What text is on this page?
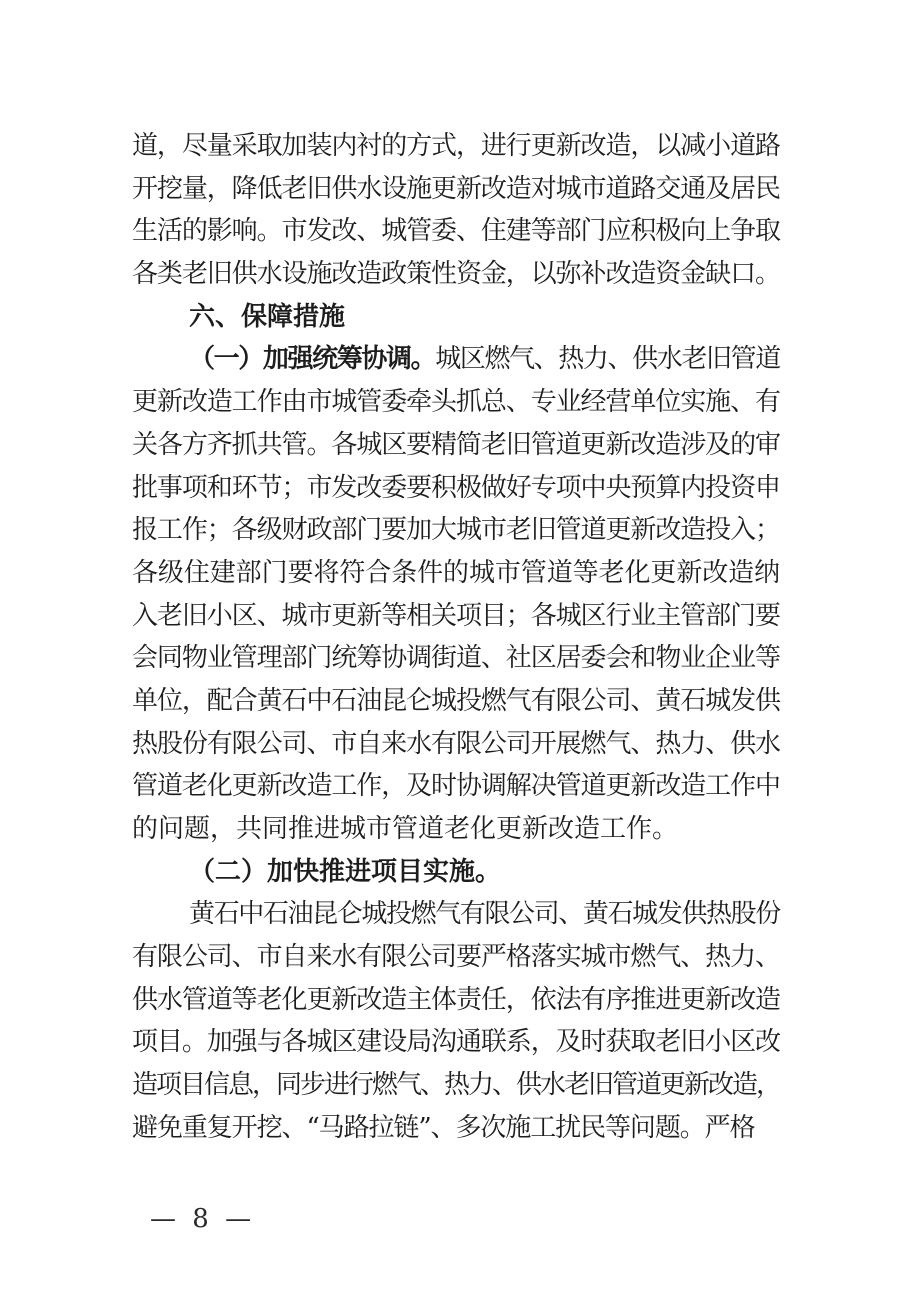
道，尽量采取加装内衬的方式，进行更新改造，以减小道路
开挖量，降低老旧供水设施更新改造对城市道路交通及居民
生活的影响。市发改、城管委、住建等部门应积极向上争取
各类老旧供水设施改造政策性资金，以弥补改造资金缺口。
六、保障措施
（一）加强统筹协调。城区燃气、热力、供水老旧管道
更新改造工作由市城管委牵头抓总、专业经营单位实施、有
关各方齐抓共管。各城区要精简老旧管道更新改造涉及的审
批事项和环节；市发改委要积极做好专项中央预算内投资申
报工作；各级财政部门要加大城市老旧管道更新改造投入；
各级住建部门要将符合条件的城市管道等老化更新改造纳
入老旧小区、城市更新等相关项目；各城区行业主管部门要
会同物业管理部门统筹协调街道、社区居委会和物业企业等
单位，配合黄石中石油昆仑城投燃气有限公司、黄石城发供
热股份有限公司、市自来水有限公司开展燃气、热力、供水
管道老化更新改造工作，及时协调解决管道更新改造工作中
的问题，共同推进城市管道老化更新改造工作。
（二）加快推进项目实施。
黄石中石油昆仑城投燃气有限公司、黄石城发供热股份
有限公司、市自来水有限公司要严格落实城市燃气、热力、
供水管道等老化更新改造主体责任，依法有序推进更新改造
项目。加强与各城区建设局沟通联系，及时获取老旧小区改
造项目信息，同步进行燃气、热力、供水老旧管道更新改造，
避免重复开挖、“马路拉链”、多次施工扰民等问题。严格
— 8 —
